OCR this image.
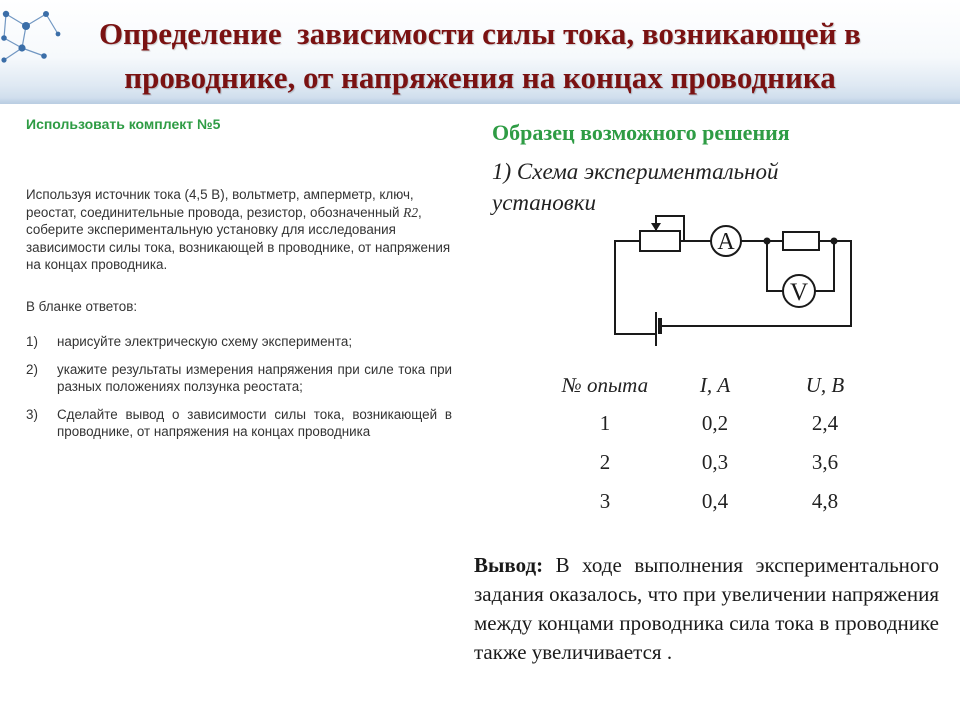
Определение  зависимости силы тока, возникающей в
проводнике, от напряжения на концах проводника
Использовать комплект №5
Используя источник тока (4,5 В), вольтметр, амперметр, ключ, реостат, соединительные провода, резистор, обозначенный R2, соберите экспериментальную установку для исследования зависимости силы тока, возникающей в проводнике, от напряжения на концах проводника.
В бланке ответов:
1) нарисуйте электрическую схему эксперимента;
2) укажите результаты измерения напряжения при силе тока при разных положениях ползунка реостата;
3) Сделайте вывод о зависимости силы тока, возникающей в проводнике, от напряжения на концах проводника
Образец возможного решения
1) Схема экспериментальной установки
A
V
№ опыта	I, А	U, В
1	0,2	2,4
2	0,3	3,6
3	0,4	4,8
Вывод: В ходе выполнения экспериментального задания оказалось, что при увеличении напряжения между концами проводника сила тока в проводнике также увеличивается .
